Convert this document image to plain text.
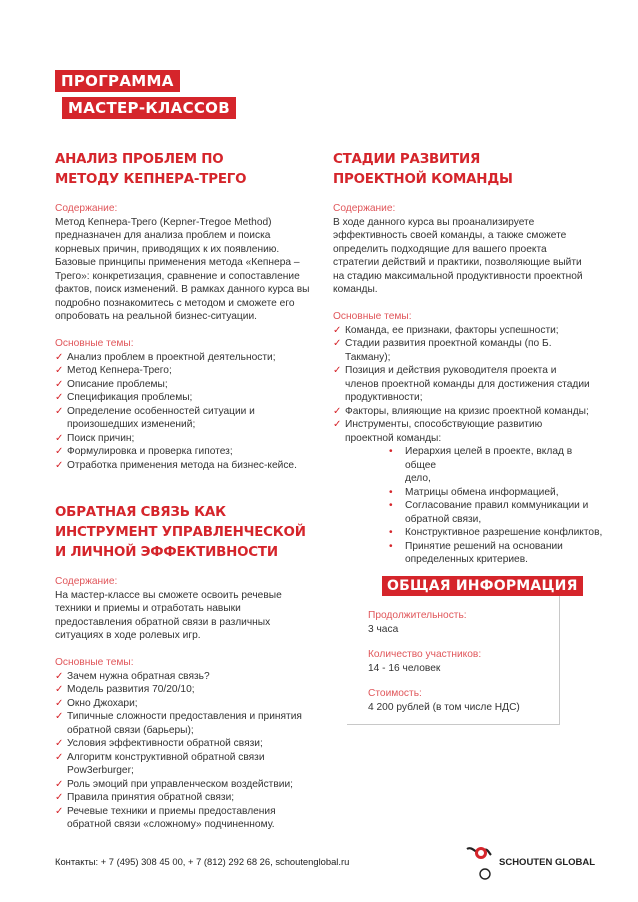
ПРОГРАММА
МАСТЕР-КЛАССОВ
АНАЛИЗ ПРОБЛЕМ ПО
МЕТОДУ КЕПНЕРА-ТРЕГО
Содержание:
Метод Кепнера-Трего (Kepner-Tregoe Method)
предназначен для анализа проблем и поиска
корневых причин, приводящих к их появлению.
Базовые принципы применения метода «Кепнера –
Трего»: конкретизация, сравнение и сопоставление
фактов, поиск изменений. В рамках данного курса вы
подробно познакомитесь с методом и сможете его
опробовать на реальной бизнес-ситуации.
Основные темы:
✓ Анализ проблем в проектной деятельности;
✓ Метод Кепнера-Трего;
✓ Описание проблемы;
✓ Спецификация проблемы;
✓ Определение особенностей ситуации и
произошедших изменений;
✓ Поиск причин;
✓ Формулировка и проверка гипотез;
✓ Отработка применения метода на бизнес-кейсе.
СТАДИИ РАЗВИТИЯ
ПРОЕКТНОЙ КОМАНДЫ
Содержание:
В ходе данного курса вы проанализируете
эффективность своей команды, а также сможете
определить подходящие для вашего проекта
стратегии действий и практики, позволяющие выйти
на стадию максимальной продуктивности проектной
команды.
Основные темы:
✓ Команда, ее признаки, факторы успешности;
✓ Стадии развития проектной команды (по Б.
Такману);
✓ Позиция и действия руководителя проекта и
членов проектной команды для достижения стадии
продуктивности;
✓ Факторы, влияющие на кризис проектной команды;
✓ Инструменты, способствующие развитию
проектной команды:
• Иерархия целей в проекте, вклад в общее
дело,
• Матрицы обмена информацией,
• Согласование правил коммуникации и
обратной связи,
• Конструктивное разрешение конфликтов,
• Принятие решений на основании
определенных критериев.
ОБРАТНАЯ СВЯЗЬ КАК
ИНСТРУМЕНТ УПРАВЛЕНЧЕСКОЙ
И ЛИЧНОЙ ЭФФЕКТИВНОСТИ
Содержание:
На мастер-классе вы сможете освоить речевые
техники и приемы и отработать навыки
предоставления обратной связи в различных
ситуациях в ходе ролевых игр.
Основные темы:
✓ Зачем нужна обратная связь?
✓ Модель развития 70/20/10;
✓ Окно Джохари;
✓ Типичные сложности предоставления и принятия
обратной связи (барьеры);
✓ Условия эффективности обратной связи;
✓ Алгоритм конструктивной обратной связи
Pow3erburger;
✓ Роль эмоций при управленческом воздействии;
✓ Правила принятия обратной связи;
✓ Речевые техники и приемы предоставления
обратной связи «сложному» подчиненному.
ОБЩАЯ ИНФОРМАЦИЯ
Продолжительность:
3 часа
Количество участников:
14 - 16 человек
Стоимость:
4 200 рублей (в том числе НДС)
Контакты: + 7 (495) 308 45 00, + 7 (812) 292 68 26, schoutenglobal.ru	SCHOUTEN GLOBAL
